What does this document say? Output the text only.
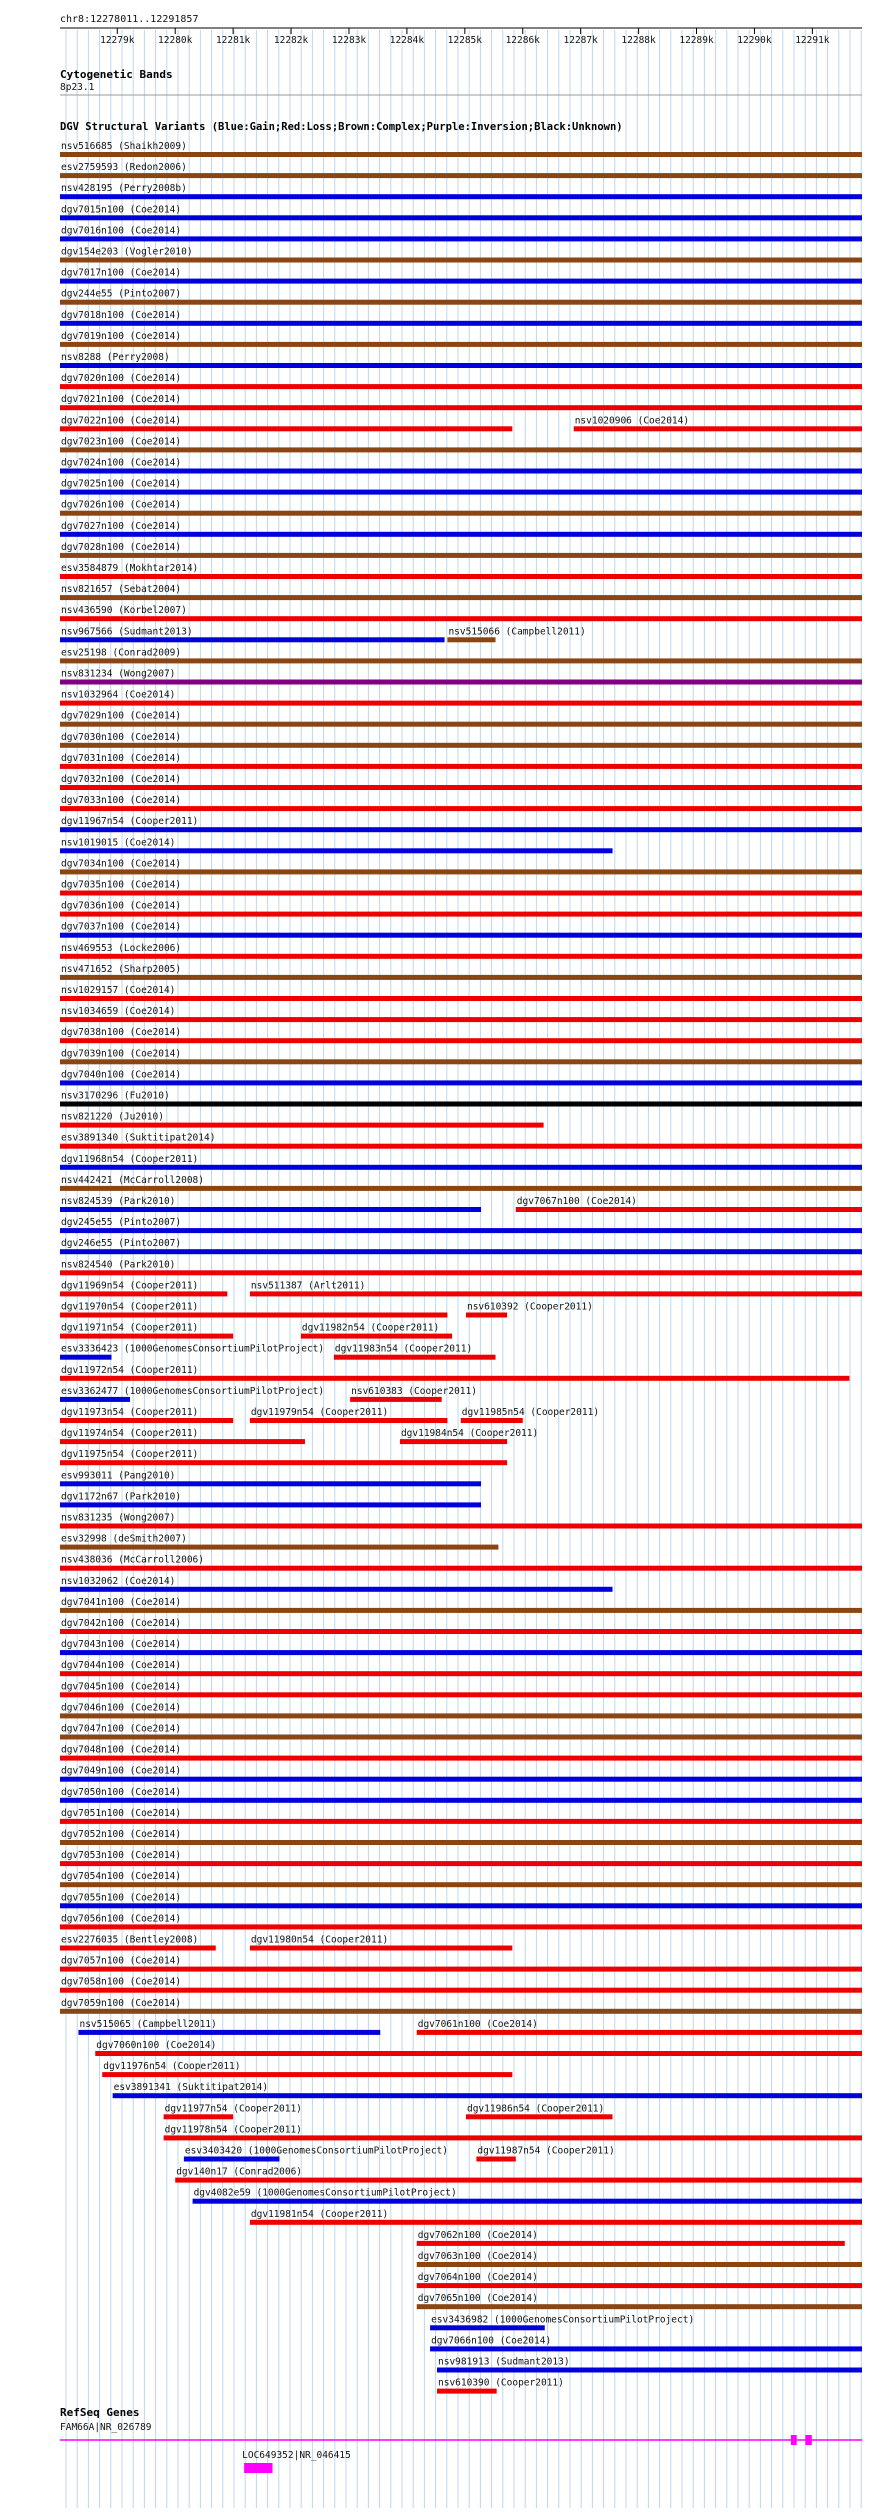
chr8:12278011..12291857
12279k 12280k 12281k 12282k 12283k 12284k 12285k 12286k 12287k 12288k 12289k 12290k 12291k
Cytogenetic Bands
8p23.1
DGV Structural Variants (Blue:Gain;Red:Loss;Brown:Complex;Purple:Inversion;Black:Unknown)
nsv516685 (Shaikh2009)
esv2759593 (Redon2006)
nsv428195 (Perry2008b)
dgv7015n100 (Coe2014)
dgv7016n100 (Coe2014)
dgv154e203 (Vogler2010)
dgv7017n100 (Coe2014)
dgv244e55 (Pinto2007)
dgv7018n100 (Coe2014)
dgv7019n100 (Coe2014)
nsv8288 (Perry2008)
dgv7020n100 (Coe2014)
dgv7021n100 (Coe2014)
dgv7022n100 (Coe2014)	nsv1020906 (Coe2014)
dgv7023n100 (Coe2014)
dgv7024n100 (Coe2014)
dgv7025n100 (Coe2014)
dgv7026n100 (Coe2014)
dgv7027n100 (Coe2014)
dgv7028n100 (Coe2014)
esv3584879 (Mokhtar2014)
nsv821657 (Sebat2004)
nsv436590 (Korbel2007)
nsv967566 (Sudmant2013)	nsv515066 (Campbell2011)
esv25198 (Conrad2009)
nsv831234 (Wong2007)
nsv1032964 (Coe2014)
dgv7029n100 (Coe2014)
dgv7030n100 (Coe2014)
dgv7031n100 (Coe2014)
dgv7032n100 (Coe2014)
dgv7033n100 (Coe2014)
dgv11967n54 (Cooper2011)
nsv1019015 (Coe2014)
dgv7034n100 (Coe2014)
dgv7035n100 (Coe2014)
dgv7036n100 (Coe2014)
dgv7037n100 (Coe2014)
nsv469553 (Locke2006)
nsv471652 (Sharp2005)
nsv1029157 (Coe2014)
nsv1034659 (Coe2014)
dgv7038n100 (Coe2014)
dgv7039n100 (Coe2014)
dgv7040n100 (Coe2014)
nsv3170296 (Fu2010)
nsv821220 (Ju2010)
esv3891340 (Suktitipat2014)
dgv11968n54 (Cooper2011)
nsv442421 (McCarroll2008)
nsv824539 (Park2010)	dgv7067n100 (Coe2014)
dgv245e55 (Pinto2007)
dgv246e55 (Pinto2007)
nsv824540 (Park2010)
dgv11969n54 (Cooper2011)	nsv511387 (Arlt2011)
dgv11970n54 (Cooper2011)	nsv610392 (Cooper2011)
dgv11971n54 (Cooper2011)	dgv11982n54 (Cooper2011)
esv3336423 (1000GenomesConsortiumPilotProject) dgv11983n54 (Cooper2011)
dgv11972n54 (Cooper2011)
esv3362477 (1000GenomesConsortiumPilotProject)	nsv610383 (Cooper2011)
dgv11973n54 (Cooper2011)	dgv11979n54 (Cooper2011)	dgv11985n54 (Cooper2011)
dgv11974n54 (Cooper2011)	dgv11984n54 (Cooper2011)
dgv11975n54 (Cooper2011)
esv993011 (Pang2010)
dgv1172n67 (Park2010)
nsv831235 (Wong2007)
esv32998 (deSmith2007)
nsv438036 (McCarroll2006)
nsv1032062 (Coe2014)
dgv7041n100 (Coe2014)
dgv7042n100 (Coe2014)
dgv7043n100 (Coe2014)
dgv7044n100 (Coe2014)
dgv7045n100 (Coe2014)
dgv7046n100 (Coe2014)
dgv7047n100 (Coe2014)
dgv7048n100 (Coe2014)
dgv7049n100 (Coe2014)
dgv7050n100 (Coe2014)
dgv7051n100 (Coe2014)
dgv7052n100 (Coe2014)
dgv7053n100 (Coe2014)
dgv7054n100 (Coe2014)
dgv7055n100 (Coe2014)
dgv7056n100 (Coe2014)
esv2276035 (Bentley2008)	dgv11980n54 (Cooper2011)
dgv7057n100 (Coe2014)
dgv7058n100 (Coe2014)
dgv7059n100 (Coe2014)
nsv515065 (Campbell2011)	dgv7061n100 (Coe2014)
dgv7060n100 (Coe2014)
dgv11976n54 (Cooper2011)
esv3891341 (Suktitipat2014)
dgv11977n54 (Cooper2011)	dgv11986n54 (Cooper2011)
dgv11978n54 (Cooper2011)
esv3403420 (1000GenomesConsortiumPilotProject)	dgv11987n54 (Cooper2011)
dgv140n17 (Conrad2006)
dgv4082e59 (1000GenomesConsortiumPilotProject)
dgv11981n54 (Cooper2011)
dgv7062n100 (Coe2014)
dgv7063n100 (Coe2014)
dgv7064n100 (Coe2014)
dgv7065n100 (Coe2014)
esv3436982 (1000GenomesConsortiumPilotProject)
dgv7066n100 (Coe2014)
nsv981913 (Sudmant2013)
nsv610390 (Cooper2011)
RefSeq Genes
FAM66A|NR_026789
LOC649352|NR_046415
